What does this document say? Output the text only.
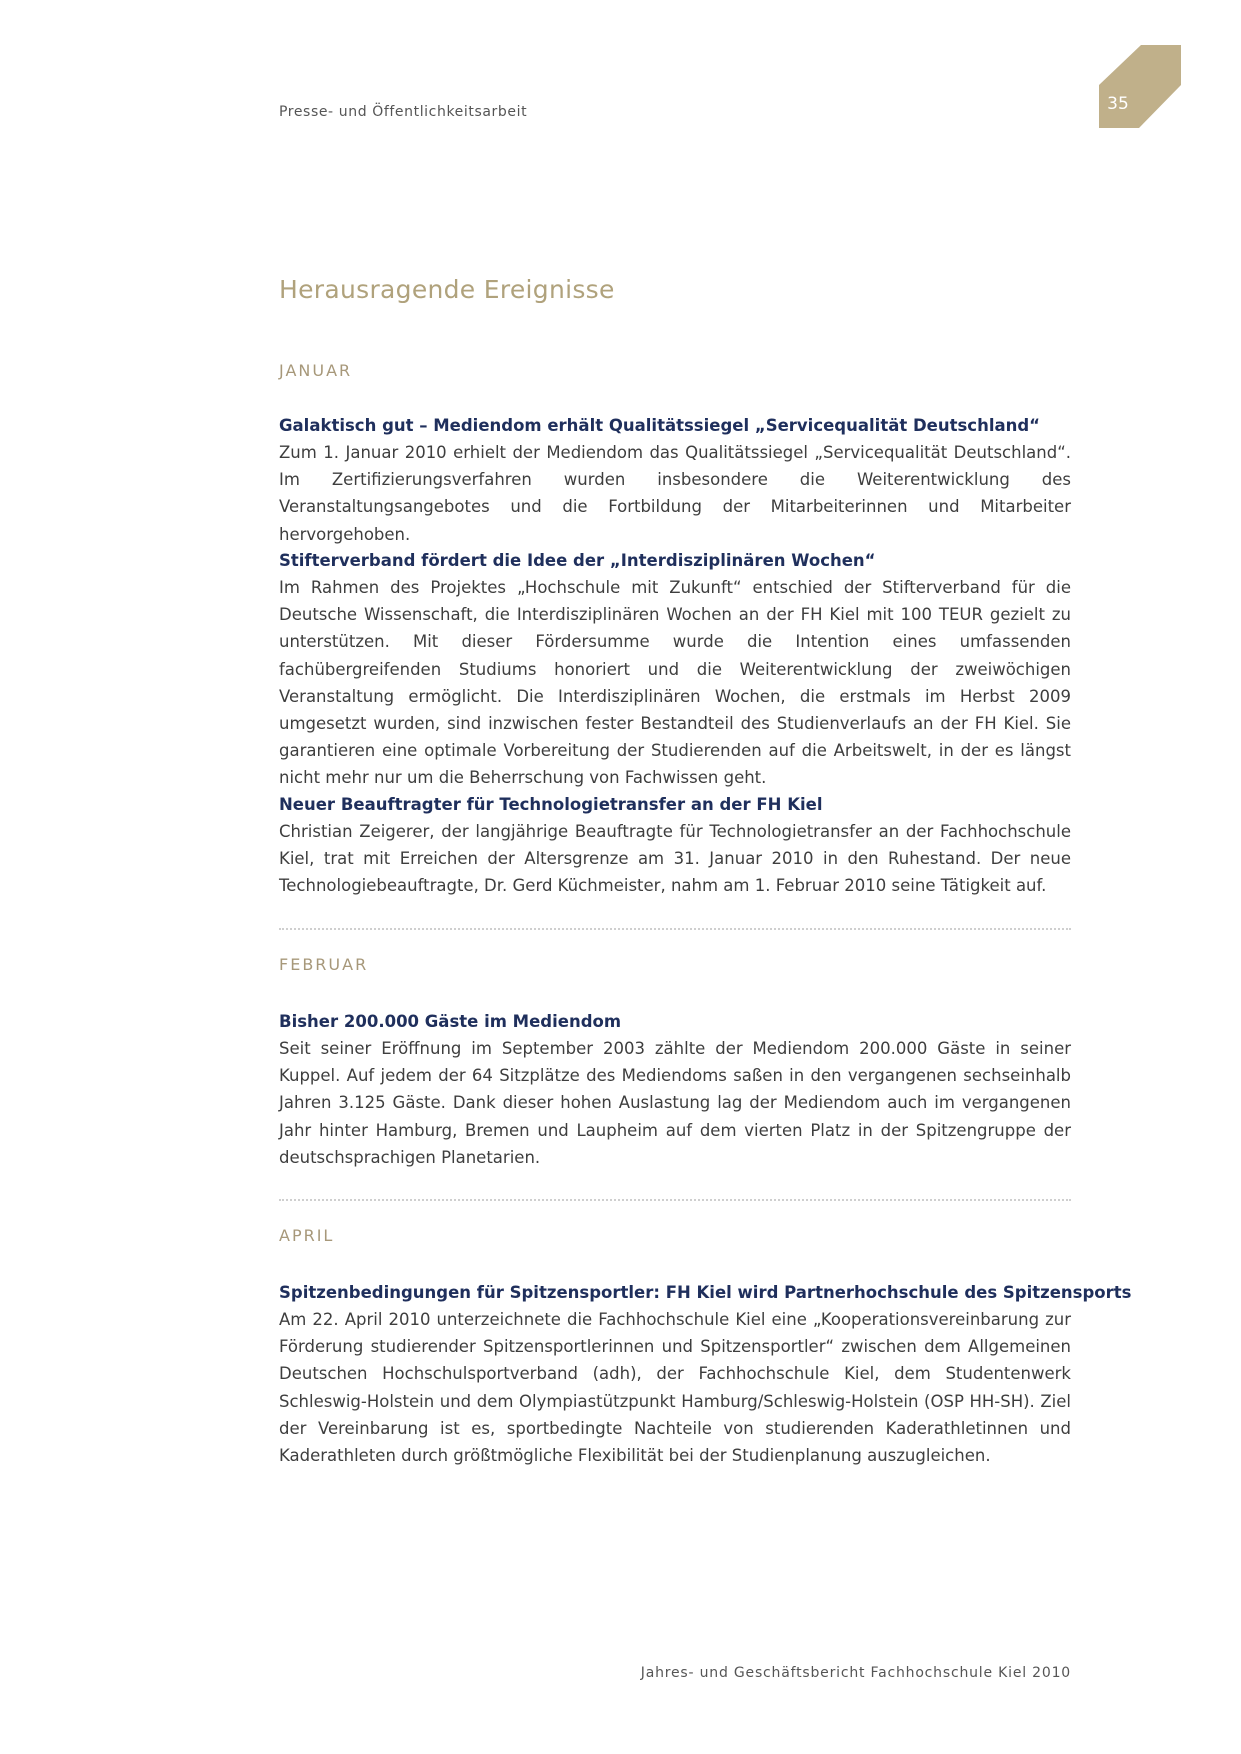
Presse- und Öffentlichkeitsarbeit	35
Herausragende Ereignisse
JANUAR

Galaktisch gut – Mediendom erhält Qualitätssiegel „Servicequalität Deutschland“

Zum 1. Januar 2010 erhielt der Mediendom das Qualitätssiegel „Servicequalität Deutschland“. Im Zertifizierungsverfahren wurden insbesondere die Weiterentwicklung des Veranstaltungsangebotes und die Fortbildung der Mitarbeiterinnen und Mitarbeiter hervorgehoben.

Stifterverband fördert die Idee der „Interdisziplinären Wochen“

Im Rahmen des Projektes „Hochschule mit Zukunft“ entschied der Stifterverband für die Deutsche Wissenschaft, die Interdisziplinären Wochen an der FH Kiel mit 100 TEUR gezielt zu unterstützen. Mit dieser Fördersumme wurde die Intention eines umfassenden fachübergreifenden Studiums honoriert und die Weiterentwicklung der zweiwöchigen Veranstaltung ermöglicht. Die Interdisziplinären Wochen, die erstmals im Herbst 2009 umgesetzt wurden, sind inzwischen fester Bestandteil des Studienverlaufs an der FH Kiel. Sie garantieren eine optimale Vorbereitung der Studierenden auf die Arbeitswelt, in der es längst nicht mehr nur um die Beherrschung von Fachwissen geht.

Neuer Beauftragter für Technologietransfer an der FH Kiel

Christian Zeigerer, der langjährige Beauftragte für Technologietransfer an der Fachhochschule Kiel, trat mit Erreichen der Altersgrenze am 31. Januar 2010 in den Ruhestand. Der neue Technologiebeauftragte, Dr. Gerd Küchmeister, nahm am 1. Februar 2010 seine Tätigkeit auf.

FEBRUAR

Bisher 200.000 Gäste im Mediendom

Seit seiner Eröffnung im September 2003 zählte der Mediendom 200.000 Gäste in seiner Kuppel. Auf jedem der 64 Sitzplätze des Mediendoms saßen in den vergangenen sechseinhalb Jahren 3.125 Gäste. Dank dieser hohen Auslastung lag der Mediendom auch im vergangenen Jahr hinter Hamburg, Bremen und Laupheim auf dem vierten Platz in der Spitzengruppe der deutschsprachigen Planetarien.

APRIL

Spitzenbedingungen für Spitzensportler: FH Kiel wird Partnerhochschule des Spitzensports

Am 22. April 2010 unterzeichnete die Fachhochschule Kiel eine „Kooperationsvereinbarung zur Förderung studierender Spitzensportlerinnen und Spitzensportler“ zwischen dem Allgemeinen Deutschen Hochschulsportverband (adh), der Fachhochschule Kiel, dem Studentenwerk Schleswig-Holstein und dem Olympiastützpunkt Hamburg/Schleswig-Holstein (OSP HH-SH). Ziel der Vereinbarung ist es, sportbedingte Nachteile von studierenden Kaderathletinnen und Kaderathleten durch größtmögliche Flexibilität bei der Studienplanung auszugleichen.

Jahres- und Geschäftsbericht Fachhochschule Kiel 2010
